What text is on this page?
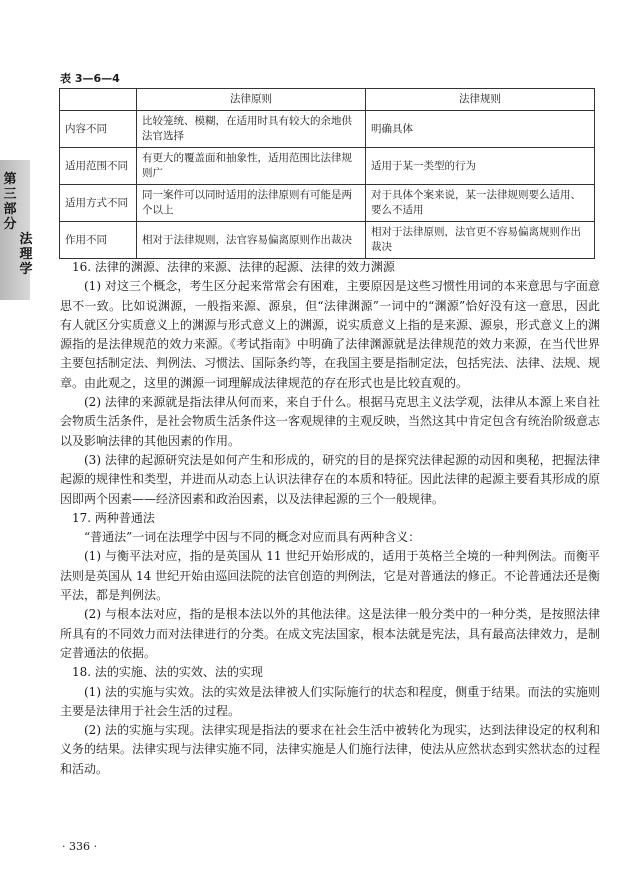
第三部分
法理学
表 3—6—4
	法律原则	法律规则
内容不同	比较笼统、模糊，在适用时具有较大的余地供法官选择	明确具体
适用范围不同	有更大的覆盖面和抽象性，适用范围比法律规则广	适用于某一类型的行为
适用方式不同	同一案件可以同时适用的法律原则有可能是两个以上	对于具体个案来说，某一法律规则要么适用、要么不适用
作用不同	相对于法律规则，法官容易偏离原则作出裁决	相对于法律原则，法官更不容易偏离规则作出裁决

16. 法律的渊源、法律的来源、法律的起源、法律的效力渊源

(1) 对这三个概念，考生区分起来常常会有困难，主要原因是这些习惯性用词的本来意思与字面意思不一致。比如说渊源，一般指来源、源泉，但“法律渊源”一词中的“渊源”恰好没有这一意思，因此有人就区分实质意义上的渊源与形式意义上的渊源，说实质意义上指的是来源、源泉，形式意义上的渊源指的是法律规范的效力来源。《考试指南》中明确了法律渊源就是法律规范的效力来源，在当代世界主要包括制定法、判例法、习惯法、国际条约等，在我国主要是指制定法，包括宪法、法律、法规、规章。由此观之，这里的渊源一词理解成法律规范的存在形式也是比较直观的。

(2) 法律的来源就是指法律从何而来，来自于什么。根据马克思主义法学观，法律从本源上来自社会物质生活条件，是社会物质生活条件这一客观规律的主观反映，当然这其中肯定包含有统治阶级意志以及影响法律的其他因素的作用。

(3) 法律的起源研究法是如何产生和形成的，研究的目的是探究法律起源的动因和奥秘，把握法律起源的规律性和类型，并进而从动态上认识法律存在的本质和特征。因此法律的起源主要看其形成的原因即两个因素——经济因素和政治因素，以及法律起源的三个一般规律。

17. 两种普通法

“普通法”一词在法理学中因与不同的概念对应而具有两种含义：

(1) 与衡平法对应，指的是英国从 11 世纪开始形成的，适用于英格兰全境的一种判例法。而衡平法则是英国从 14 世纪开始由巡回法院的法官创造的判例法，它是对普通法的修正。不论普通法还是衡平法，都是判例法。

(2) 与根本法对应，指的是根本法以外的其他法律。这是法律一般分类中的一种分类，是按照法律所具有的不同效力而对法律进行的分类。在成文宪法国家，根本法就是宪法，具有最高法律效力，是制定普通法的依据。

18. 法的实施、法的实效、法的实现

(1) 法的实施与实效。法的实效是法律被人们实际施行的状态和程度，侧重于结果。而法的实施则主要是法律用于社会生活的过程。

(2) 法的实施与实现。法律实现是指法的要求在社会生活中被转化为现实，达到法律设定的权利和义务的结果。法律实现与法律实施不同，法律实施是人们施行法律，使法从应然状态到实然状态的过程和活动。

· 336 ·
